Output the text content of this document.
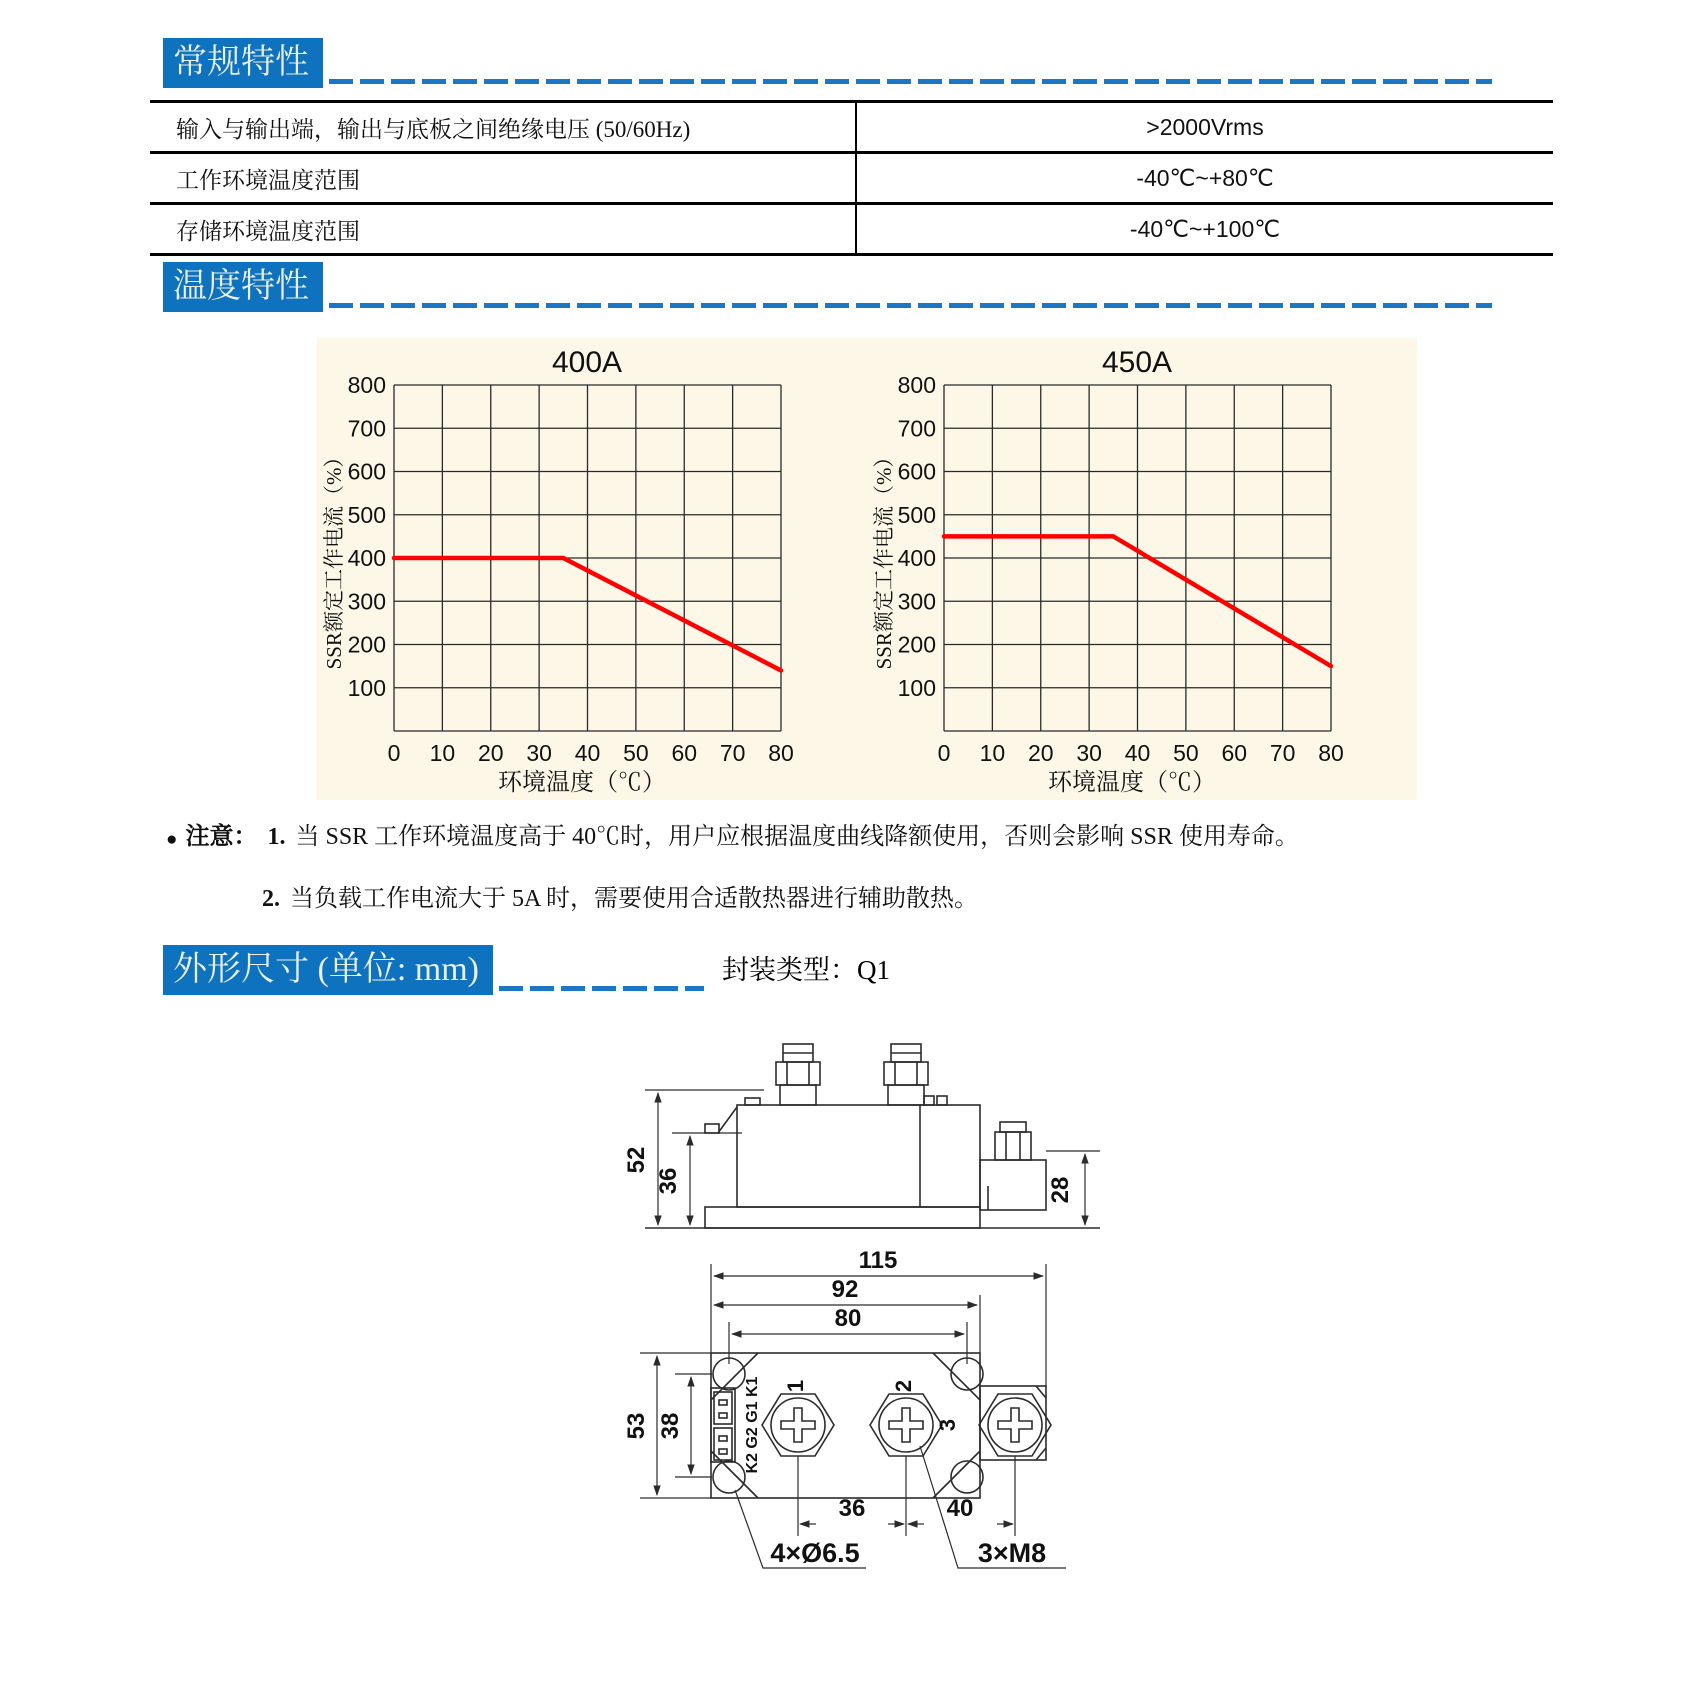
常规特性
输入与输出端，输出与底板之间绝缘电压 (50/60Hz)	>2000Vrms
工作环境温度范围	-40℃~+80℃
存储环境温度范围	-40℃~+100℃
温度特性
400A
SSR额定工作电流（%）
环境温度（℃）
0 10 20 30 40 50 60 70 80
100
200
300
400
500
600
700
800
450A
SSR额定工作电流（%）
环境温度（℃）
0 10 20 30 40 50 60 70 80
100
200
300
400
500
600
700
800
● 注意： 1. 当 SSR 工作环境温度高于 40℃时，用户应根据温度曲线降额使用，否则会影响 SSR 使用寿命。
2. 当负载工作电流大于 5A 时，需要使用合适散热器进行辅助散热。
外形尺寸 (单位: mm)	封装类型：Q1
52
36	28
115
92
80
K2 G2 G1 K1 1	2
3
53 38
36	40
4×Ø6.5	3×M8
